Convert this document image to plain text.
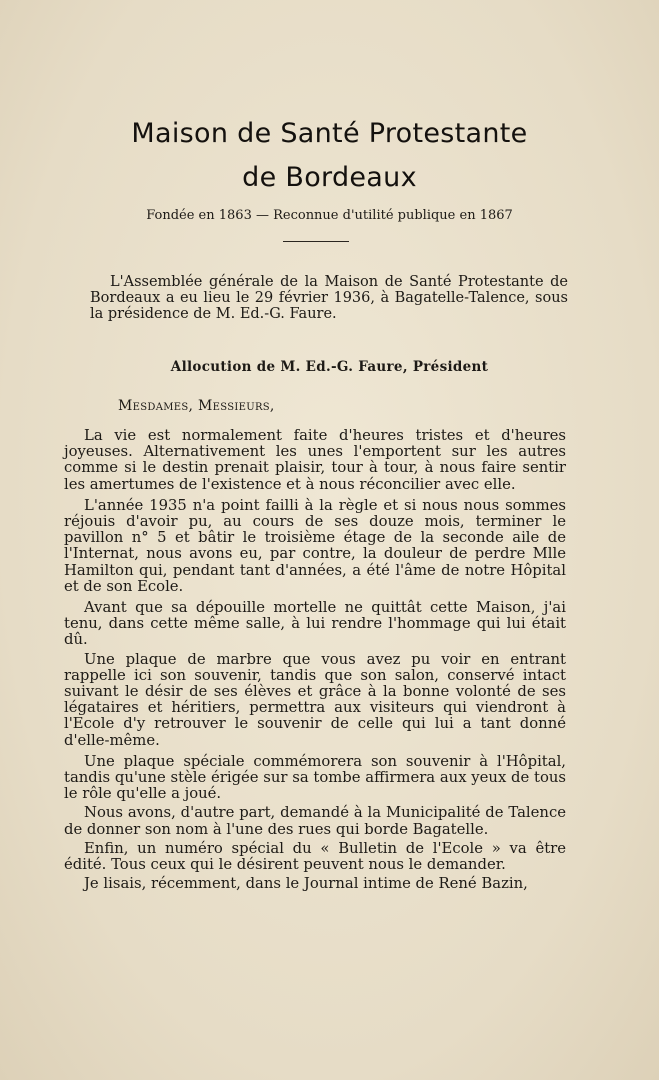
Maison de Santé Protestante
de Bordeaux
Fondée en 1863 — Reconnue d'utilité publique en 1867

L'Assemblée générale de la Maison de Santé Protestante de Bordeaux a eu lieu le 29 février 1936, à Bagatelle-Talence, sous la présidence de M. Ed.-G. Faure.

Allocution de M. Ed.-G. Faure, Président
Mesdames, Messieurs,

La vie est normalement faite d'heures tristes et d'heures joyeuses. Alternativement les unes l'emportent sur les autres comme si le destin prenait plaisir, tour à tour, à nous faire sentir les amertumes de l'existence et à nous réconcilier avec elle.

L'année 1935 n'a point failli à la règle et si nous nous sommes réjouis d'avoir pu, au cours de ses douze mois, terminer le pavillon n° 5 et bâtir le troisième étage de la seconde aile de l'Internat, nous avons eu, par contre, la douleur de perdre Mlle Hamilton qui, pendant tant d'années, a été l'âme de notre Hôpital et de son Ecole.

Avant que sa dépouille mortelle ne quittât cette Maison, j'ai tenu, dans cette même salle, à lui rendre l'hommage qui lui était dû.

Une plaque de marbre que vous avez pu voir en entrant rappelle ici son souvenir, tandis que son salon, conservé intact suivant le désir de ses élèves et grâce à la bonne volonté de ses légataires et héritiers, permettra aux visiteurs qui viendront à l'Ecole d'y retrouver le souvenir de celle qui lui a tant donné d'elle-même.

Une plaque spéciale commémorera son souvenir à l'Hôpital, tandis qu'une stèle érigée sur sa tombe affirmera aux yeux de tous le rôle qu'elle a joué.

Nous avons, d'autre part, demandé à la Municipalité de Talence de donner son nom à l'une des rues qui borde Bagatelle.

Enfin, un numéro spécial du « Bulletin de l'Ecole » va être édité. Tous ceux qui le désirent peuvent nous le demander.

Je lisais, récemment, dans le Journal intime de René Bazin,
